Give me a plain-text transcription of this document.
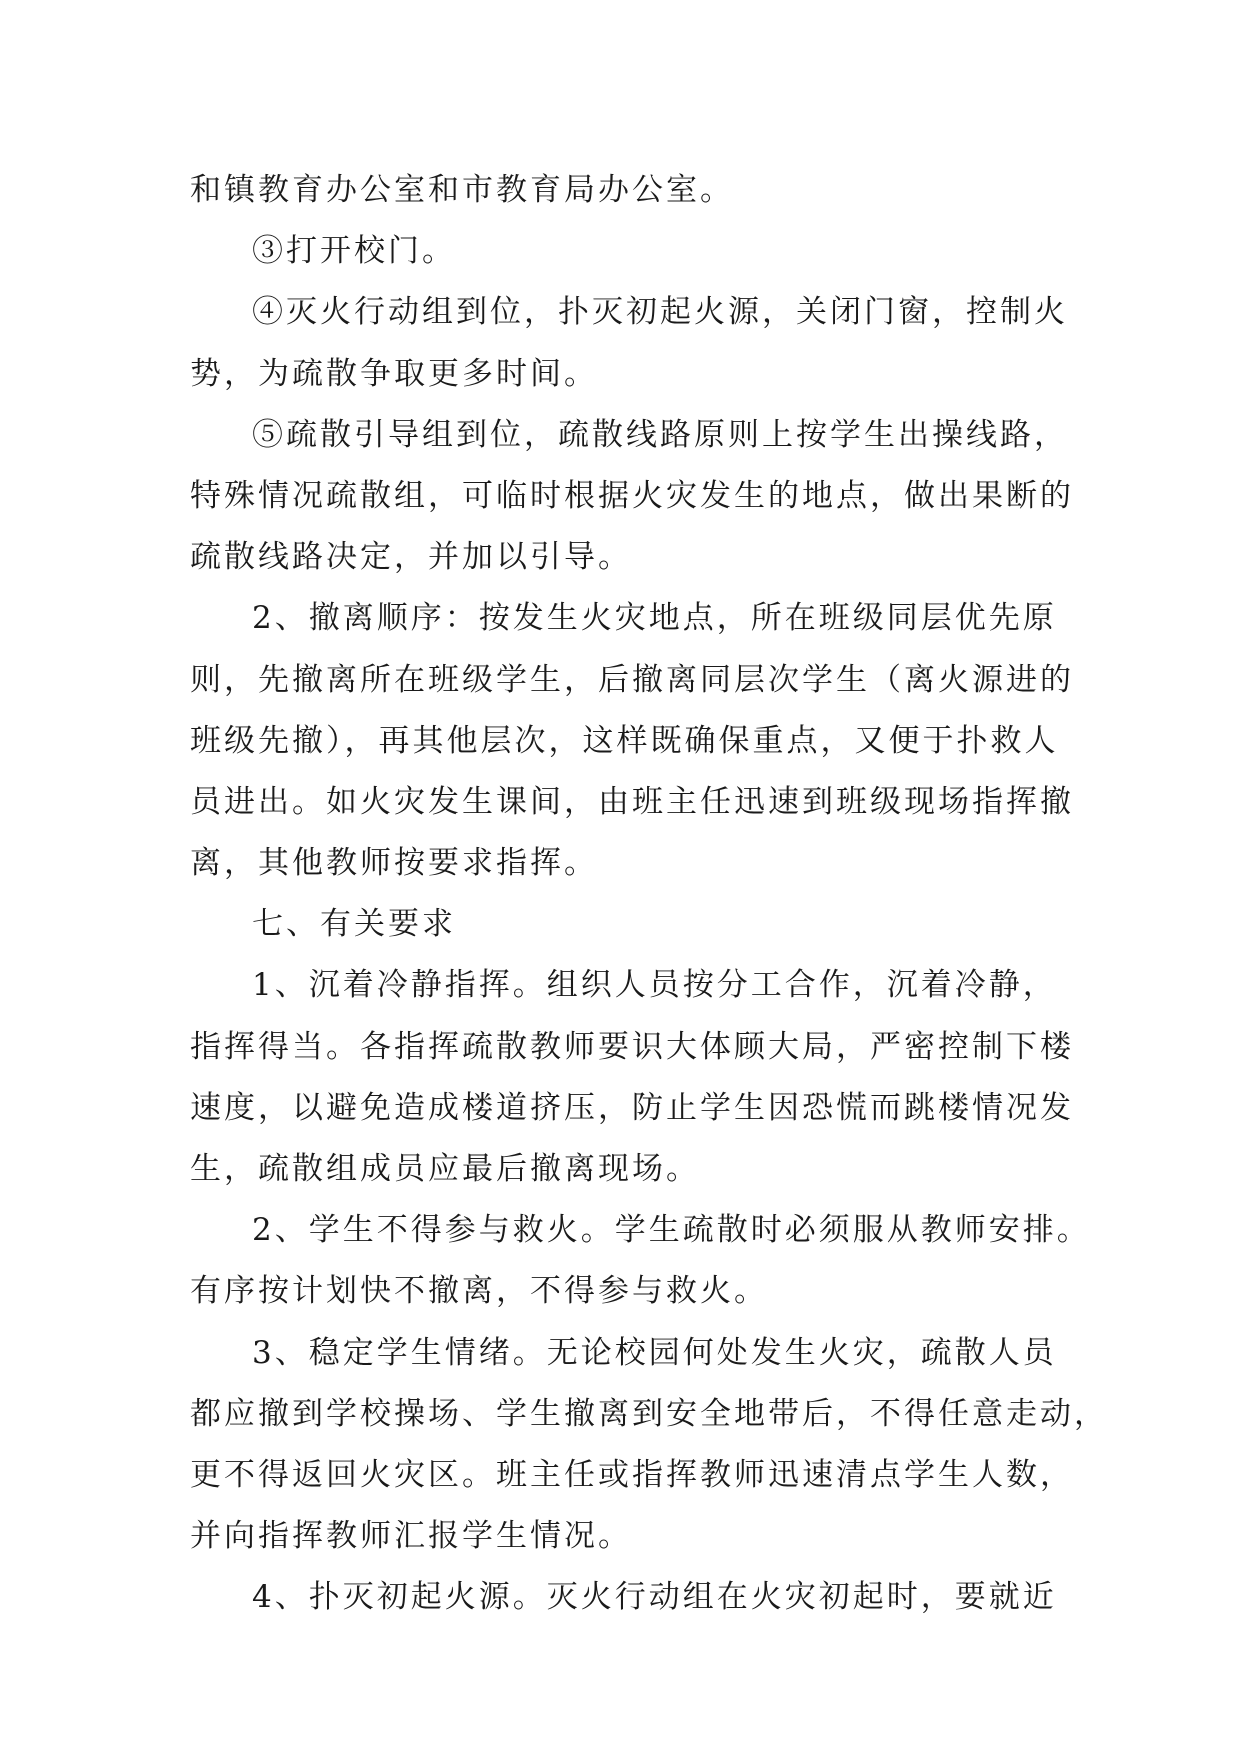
和镇教育办公室和市教育局办公室。
③打开校门。
④灭火行动组到位，扑灭初起火源，关闭门窗，控制火
势，为疏散争取更多时间。
⑤疏散引导组到位，疏散线路原则上按学生出操线路，
特殊情况疏散组，可临时根据火灾发生的地点，做出果断的
疏散线路决定，并加以引导。
2、撤离顺序：按发生火灾地点，所在班级同层优先原
则，先撤离所在班级学生，后撤离同层次学生（离火源进的
班级先撤），再其他层次，这样既确保重点，又便于扑救人
员进出。如火灾发生课间，由班主任迅速到班级现场指挥撤
离，其他教师按要求指挥。
七、有关要求
1、沉着冷静指挥。组织人员按分工合作，沉着冷静，
指挥得当。各指挥疏散教师要识大体顾大局，严密控制下楼
速度，以避免造成楼道挤压，防止学生因恐慌而跳楼情况发
生，疏散组成员应最后撤离现场。
2、学生不得参与救火。学生疏散时必须服从教师安排。
有序按计划快不撤离，不得参与救火。
3、稳定学生情绪。无论校园何处发生火灾，疏散人员
都应撤到学校操场、学生撤离到安全地带后，不得任意走动，
更不得返回火灾区。班主任或指挥教师迅速清点学生人数，
并向指挥教师汇报学生情况。
4、扑灭初起火源。灭火行动组在火灾初起时，要就近
